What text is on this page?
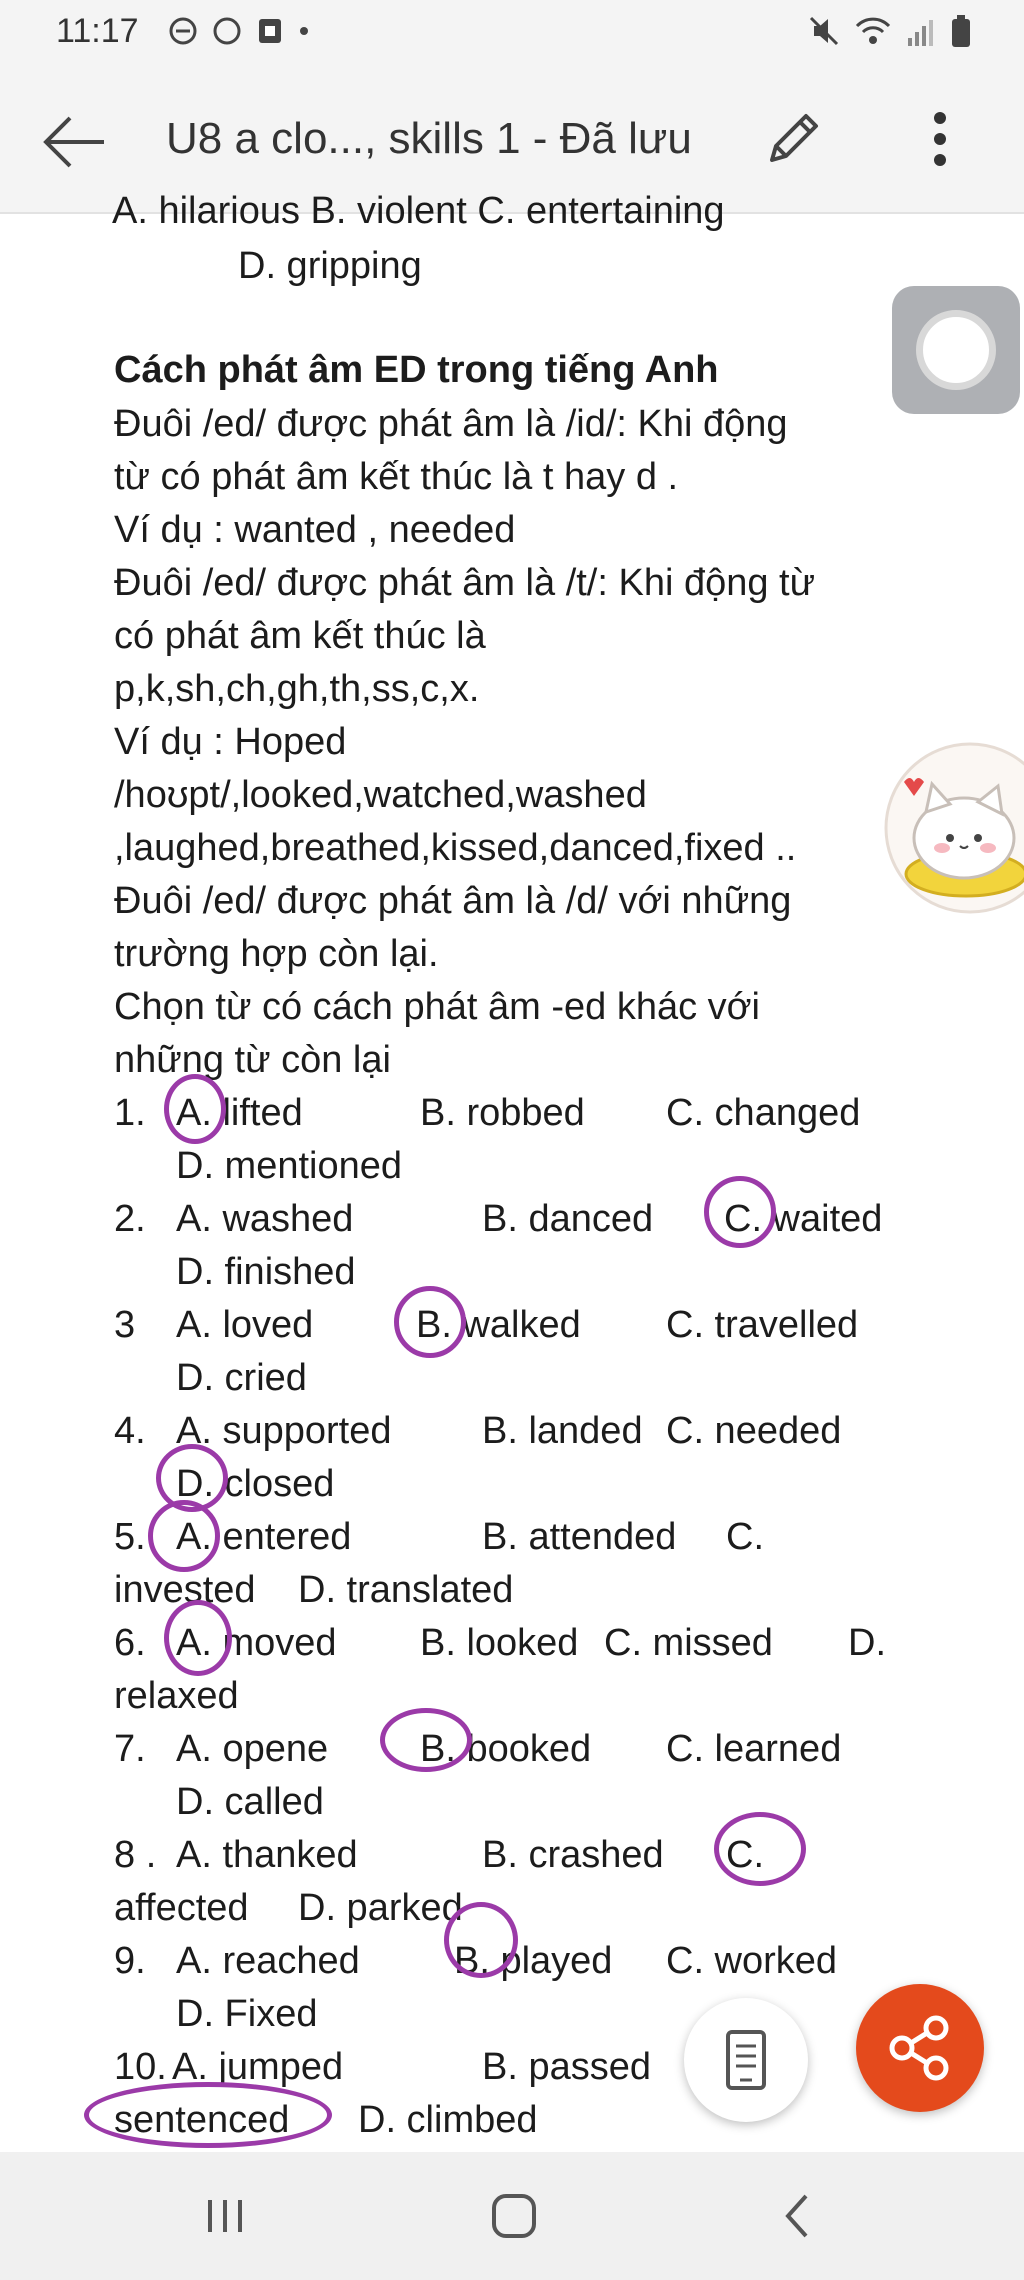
11:17
U8 a clo..., skills 1 - Đã lưu
A. hilarious B. violent C. entertaining
D. gripping
Cách phát âm ED trong tiếng Anh
Đuôi /ed/ được phát âm là /id/: Khi động
từ có phát âm kết thúc là t hay d .
Ví dụ : wanted , needed
Đuôi /ed/ được phát âm là /t/: Khi động từ
có phát âm kết thúc là
p,k,sh,ch,gh,th,ss,c,x.
Ví dụ : Hoped
/hoʊpt/,looked,watched,washed
,laughed,breathed,kissed,danced,fixed ..
Đuôi /ed/ được phát âm là /d/ với những
trường hợp còn lại.
Chọn từ có cách phát âm -ed khác với
những từ còn lại
1. A. lifted	B. robbed C. changed
D. mentioned
2. A. washed	B. danced C. waited
D. finished
3 A. loved	B. walked C. travelled
D. cried
4. A. supported B. landed C. needed
D. closed
5. A. entered	B. attended C.
invested D. translated
6. A. moved B. looked C. missed D.
relaxed
7. A. opene B. booked C. learned
D. called
8 . A. thanked	B. crashed C.
affected D. parked
9. A. reached B. played C. worked
D. Fixed
10. A. jumped	B. passed
sentenced D. climbed
